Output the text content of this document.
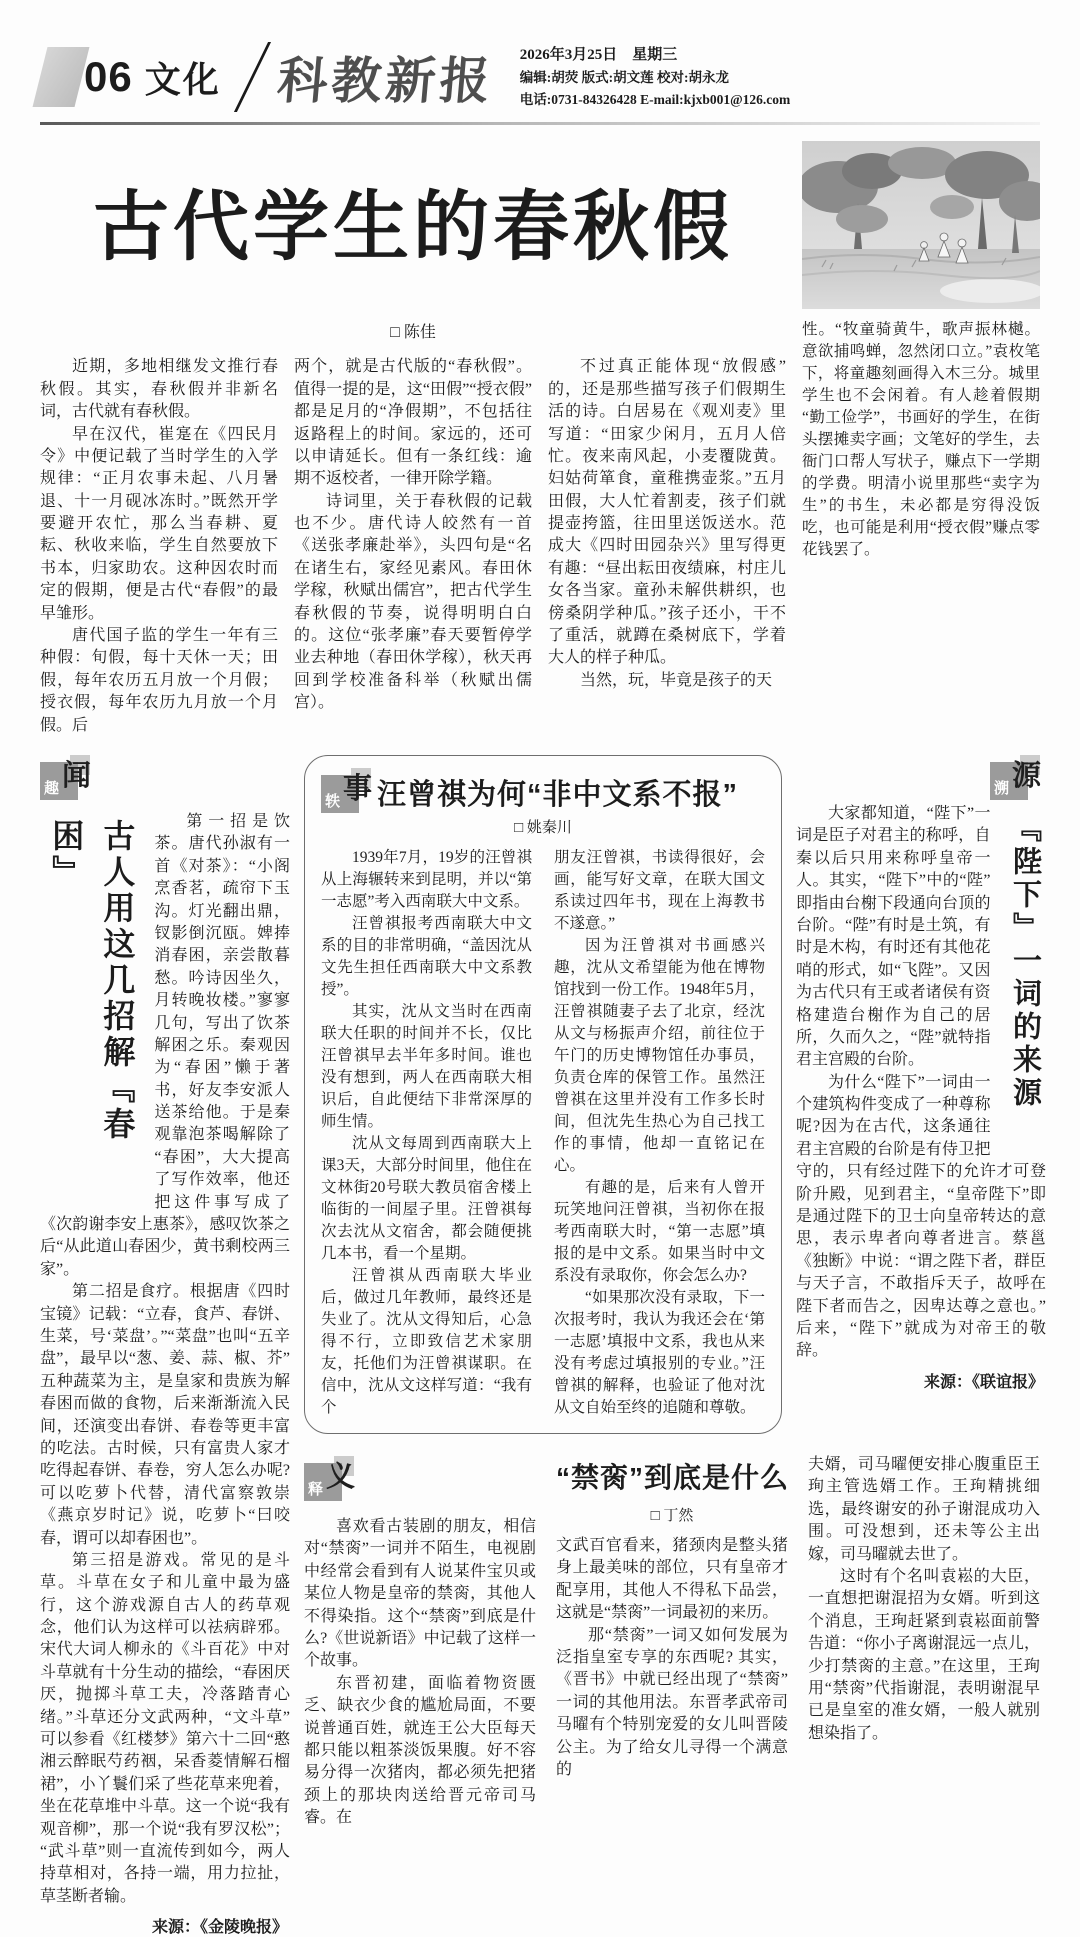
06 文化 科教新报 2026年3月25日　星期三
编辑:胡荧 版式:胡文莲 校对:胡永龙
电话:0731-84326428 E-mail:kjxb001@126.com
古代学生的春秋假
□ 陈佳

近期，多地相继发文推行春秋假。其实，春秋假并非新名词，古代就有春秋假。

早在汉代，崔寔在《四民月令》中便记载了当时学生的入学规律：“正月农事未起、八月暑退、十一月砚冰冻时。”既然开学要避开农忙，那么当春耕、夏耘、秋收来临，学生自然要放下书本，归家助农。这种因农时而定的假期，便是古代“春假”的最早雏形。

唐代国子监的学生一年有三种假：旬假，每十天休一天；田假，每年农历五月放一个月假；授衣假，每年农历九月放一个月假。后

两个，就是古代版的“春秋假”。值得一提的是，这“田假”“授衣假”都是足月的“净假期”，不包括往返路程上的时间。家远的，还可以申请延长。但有一条红线：逾期不返校者，一律开除学籍。

诗词里，关于春秋假的记载也不少。唐代诗人皎然有一首《送张孝廉赴举》，头四句是“名在诸生右，家经见素风。春田休学稼，秋赋出儒宫”，把古代学生春秋假的节奏，说得明明白白的。这位“张孝廉”春天要暂停学业去种地（春田休学稼），秋天再回到学校准备科举（秋赋出儒宫）。

不过真正能体现“放假感”的，还是那些描写孩子们假期生活的诗。白居易在《观刈麦》里写道：“田家少闲月，五月人倍忙。夜来南风起，小麦覆陇黄。妇姑荷箪食，童稚携壶浆。”五月田假，大人忙着割麦，孩子们就提壶挎篮，往田里送饭送水。范成大《四时田园杂兴》里写得更有趣：“昼出耘田夜绩麻，村庄儿女各当家。童孙未解供耕织，也傍桑阴学种瓜。”孩子还小，干不了重活，就蹲在桑树底下，学着大人的样子种瓜。

当然，玩，毕竟是孩子的天

性。“牧童骑黄牛，歌声振林樾。意欲捕鸣蝉，忽然闭口立。”袁枚笔下，将童趣刻画得入木三分。城里学生也不会闲着。有人趁着假期“勤工俭学”，书画好的学生，在街头摆摊卖字画；文笔好的学生，去衙门口帮人写状子，赚点下一学期的学费。明清小说里那些“卖字为生”的书生，未必都是穷得没饭吃，也可能是利用“授衣假”赚点零花钱罢了。

趣 闻
古人用这几招解『春困』	第一招是饮茶。唐代孙淑有一首《对茶》：“小阁烹香茗，疏帘下玉沟。灯光翻出鼎，钗影倒沉瓯。婢捧消春困，亲尝散暮愁。吟诗因坐久，月转晚妆楼。”寥寥几句，写出了饮茶解困之乐。秦观因为“春困”懒于著书，好友李安派人送茶给他。于是秦观靠泡茶喝解除了“春困”，大大提高了写作效率，他还把这件事写成了《次韵谢李安上惠茶》，感叹饮茶之后“从此道山春困少，黄书剩校两三家”。

第二招是食疗。根据唐《四时宝镜》记载：“立春，食芦、春饼、生菜，号‘菜盘’。”“菜盘”也叫“五辛盘”，最早以“葱、姜、蒜、椒、芥”五种蔬菜为主，是皇家和贵族为解春困而做的食物，后来渐渐流入民间，还演变出春饼、春卷等更丰富的吃法。古时候，只有富贵人家才吃得起春饼、春卷，穷人怎么办呢? 可以吃萝卜代替，清代富察敦崇《燕京岁时记》说，吃萝卜“曰咬春，谓可以却春困也”。

第三招是游戏。常见的是斗草。斗草在女子和儿童中最为盛行，这个游戏源自古人的药草观念，他们认为这样可以祛病辟邪。宋代大词人柳永的《斗百花》中对斗草就有十分生动的描绘，“春困厌厌，抛掷斗草工夫，冷落踏青心绪。”斗草还分文武两种，“文斗草”可以参看《红楼梦》第六十二回“憨湘云醉眠芍药裀，呆香菱情解石榴裙”，小丫鬟们采了些花草来兜着，坐在花草堆中斗草。这一个说“我有观音柳”，那一个说“我有罗汉松”；“武斗草”则一直流传到如今，两人持草相对，各持一端，用力拉扯，草茎断者输。

来源：《金陵晚报》

轶 事 汪曾祺为何“非中文系不报”
□ 姚秦川

1939年7月，19岁的汪曾祺从上海辗转来到昆明，并以“第一志愿”考入西南联大中文系。

汪曾祺报考西南联大中文系的目的非常明确，“盖因沈从文先生担任西南联大中文系教授”。

其实，沈从文当时在西南联大任职的时间并不长，仅比汪曾祺早去半年多时间。谁也没有想到，两人在西南联大相识后，自此便结下非常深厚的师生情。

沈从文每周到西南联大上课3天，大部分时间里，他住在文林街20号联大教员宿舍楼上临街的一间屋子里。汪曾祺每次去沈从文宿舍，都会随便挑几本书，看一个星期。

汪曾祺从西南联大毕业后，做过几年教师，最终还是失业了。沈从文得知后，心急得不行，立即致信艺术家朋友，托他们为汪曾祺谋职。在信中，沈从文这样写道：“我有个

朋友汪曾祺，书读得很好，会画，能写好文章，在联大国文系读过四年书，现在上海教书不遂意。”

因为汪曾祺对书画感兴趣，沈从文希望能为他在博物馆找到一份工作。1948年5月，汪曾祺随妻子去了北京，经沈从文与杨振声介绍，前往位于午门的历史博物馆任办事员，负责仓库的保管工作。虽然汪曾祺在这里并没有工作多长时间，但沈先生热心为自己找工作的事情，他却一直铭记在心。

有趣的是，后来有人曾开玩笑地问汪曾祺，当初你在报考西南联大时，“第一志愿”填报的是中文系。如果当时中文系没有录取你，你会怎么办?

“如果那次没有录取，下一次报考时，我认为我还会在‘第一志愿’填报中文系，我也从来没有考虑过填报别的专业。”汪曾祺的解释，也验证了他对沈从文自始至终的追随和尊敬。

溯 源
『陛下』一词的来源

大家都知道，“陛下”一词是臣子对君主的称呼，自秦以后只用来称呼皇帝一人。其实，“陛下”中的“陛”即指由台榭下段通向台顶的台阶。“陛”有时是土筑，有时是木构，有时还有其他花哨的形式，如“飞陛”。又因为古代只有王或者诸侯有资格建造台榭作为自己的居所，久而久之，“陛”就特指君主宫殿的台阶。

为什么“陛下”一词由一个建筑构件变成了一种尊称呢?因为在古代，这条通往君主宫殿的台阶是有侍卫把守的，只有经过陛下的允许才可登阶升殿，见到君主，“皇帝陛下”即是通过陛下的卫士向皇帝转达的意思，表示卑者向尊者进言。蔡邕《独断》中说：“谓之陛下者，群臣与天子言，不敢指斥天子，故呼在陛下者而告之，因卑达尊之意也。”后来，“陛下”就成为对帝王的敬辞。

来源：《联谊报》

释 义

喜欢看古装剧的朋友，相信对“禁脔”一词并不陌生，电视剧中经常会看到有人说某件宝贝或某位人物是皇帝的禁脔，其他人不得染指。这个“禁脔”到底是什么?《世说新语》中记载了这样一个故事。

东晋初建，面临着物资匮乏、缺衣少食的尴尬局面，不要说普通百姓，就连王公大臣每天都只能以粗茶淡饭果腹。好不容易分得一次猪肉，都必须先把猪颈上的那块肉送给晋元帝司马睿。在

“禁脔”到底是什么
□ 丁然

文武百官看来，猪颈肉是整头猪身上最美味的部位，只有皇帝才配享用，其他人不得私下品尝，这就是“禁脔”一词最初的来历。

那“禁脔”一词又如何发展为泛指皇室专享的东西呢? 其实，《晋书》中就已经出现了“禁脔”一词的其他用法。东晋孝武帝司马曜有个特别宠爱的女儿叫晋陵公主。为了给女儿寻得一个满意的

夫婿，司马曜便安排心腹重臣王珣主管选婿工作。王珣精挑细选，最终谢安的孙子谢混成功入围。可没想到，还未等公主出嫁，司马曜就去世了。

这时有个名叫袁崧的大臣，一直想把谢混招为女婿。听到这个消息，王珣赶紧到袁崧面前警告道：“你小子离谢混远一点儿，少打禁脔的主意。”在这里，王珣用“禁脔”代指谢混，表明谢混早已是皇室的准女婿，一般人就别想染指了。
